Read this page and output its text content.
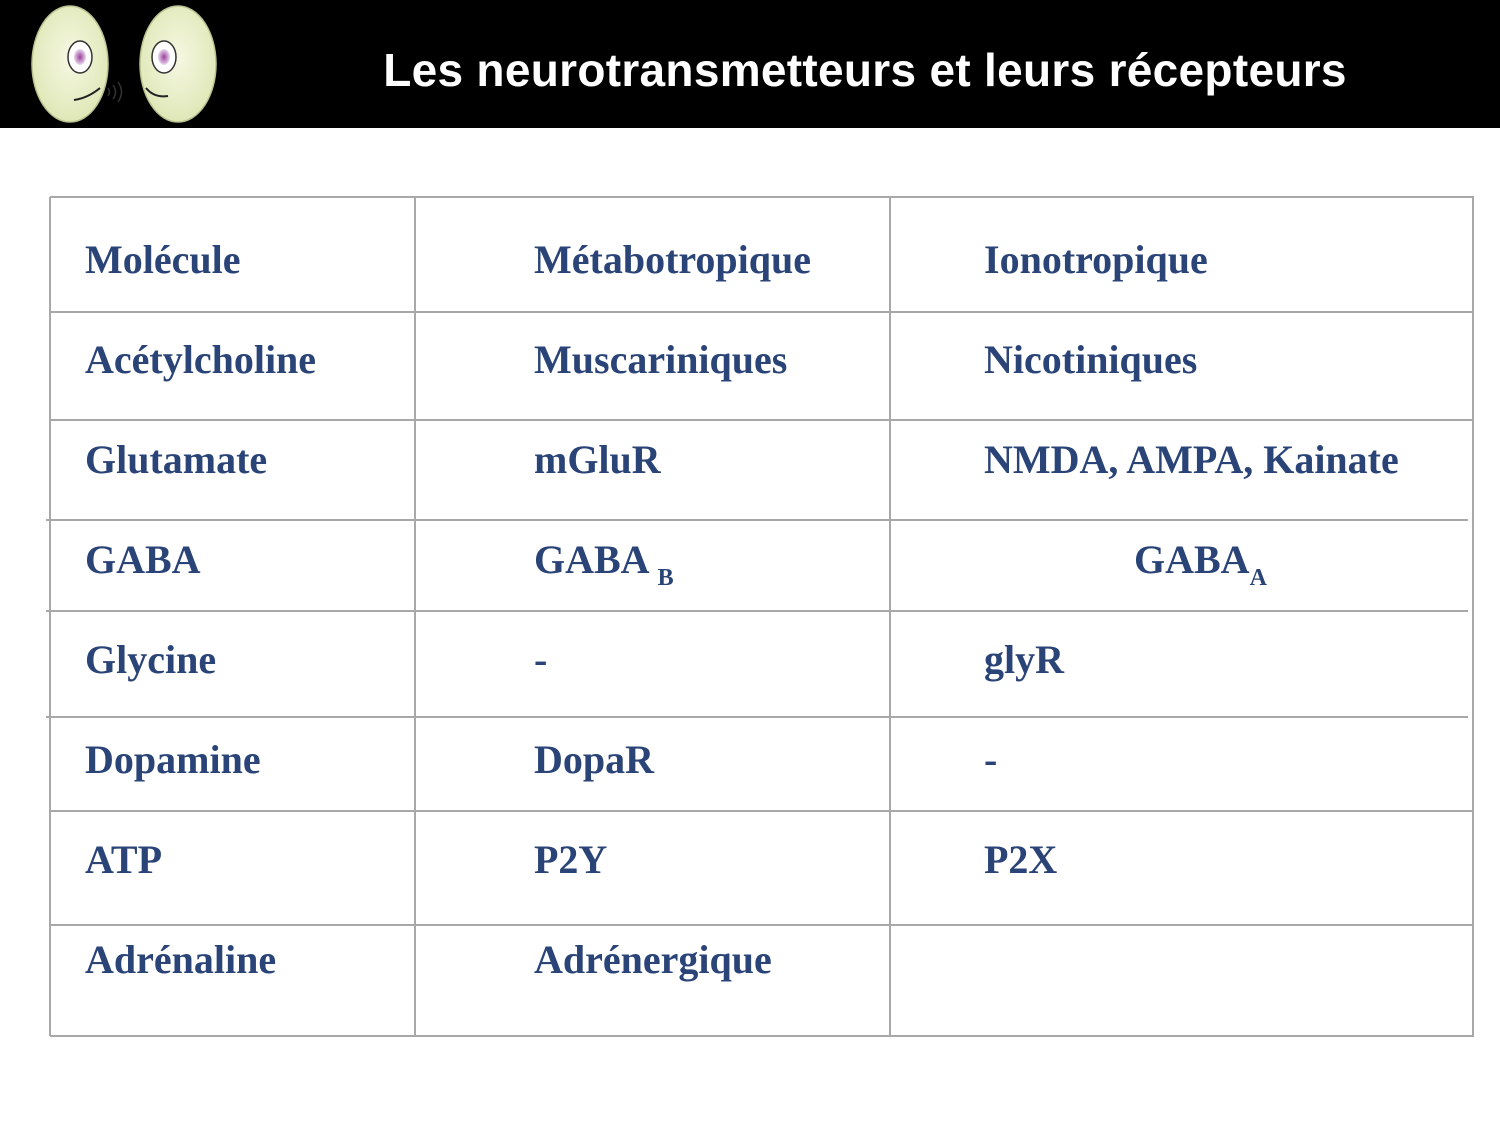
Les neurotransmetteurs et leurs récepteurs
Molécule	Métabotropique	Ionotropique
Acétylcholine	Muscariniques	Nicotiniques
Glutamate	mGluR	NMDA, AMPA, Kainate
GABA	GABA $_B$	$GABA_A$
Glycine	-	glyR
Dopamine	DopaR	-
ATP	P2Y	P2X
Adrénaline	Adrénergique
